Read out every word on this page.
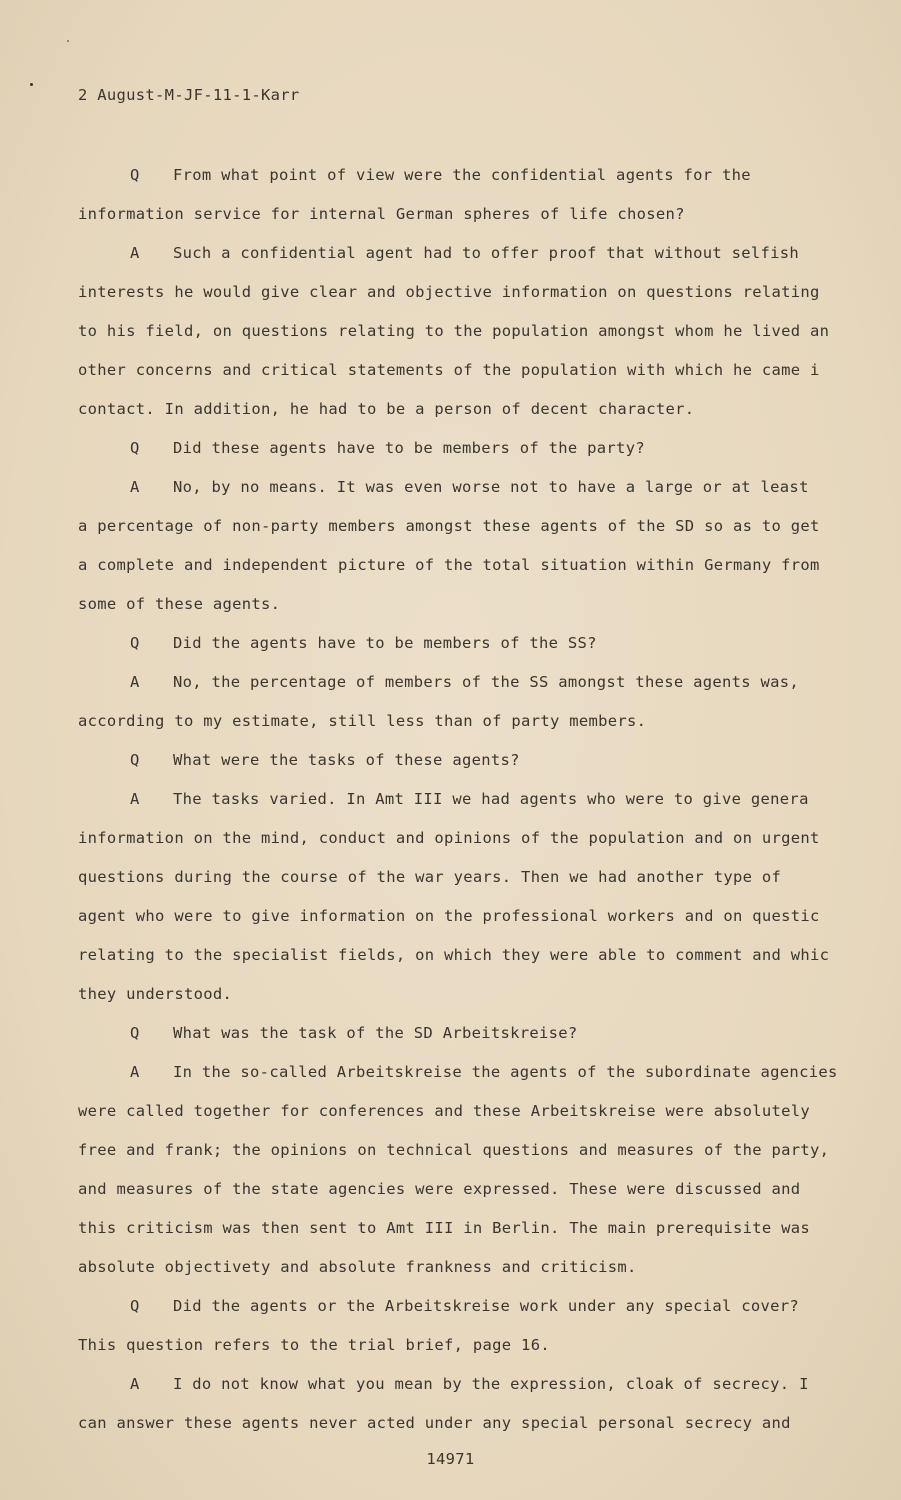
2 August-M-JF-11-1-Karr
Q From what point of view were the confidential agents for the
information service for internal German spheres of life chosen?
A Such a confidential agent had to offer proof that without selfish
interests he would give clear and objective information on questions relating
to his field, on questions relating to the population amongst whom he lived an
other concerns and critical statements of the population with which he came i
contact. In addition, he had to be a person of decent character.
Q Did these agents have to be members of the party?
A No, by no means. It was even worse not to have a large or at least
a percentage of non-party members amongst these agents of the SD so as to get
a complete and independent picture of the total situation within Germany from
some of these agents.
Q Did the agents have to be members of the SS?
A No, the percentage of members of the SS amongst these agents was,
according to my estimate, still less than of party members.
Q What were the tasks of these agents?
A The tasks varied. In Amt III we had agents who were to give genera
information on the mind, conduct and opinions of the population and on urgent
questions during the course of the war years. Then we had another type of
agent who were to give information on the professional workers and on questic
relating to the specialist fields, on which they were able to comment and whic
they understood.
Q What was the task of the SD Arbeitskreise?
A In the so-called Arbeitskreise the agents of the subordinate agencies
were called together for conferences and these Arbeitskreise were absolutely
free and frank; the opinions on technical questions and measures of the party,
and measures of the state agencies were expressed. These were discussed and
this criticism was then sent to Amt III in Berlin. The main prerequisite was
absolute objectivety and absolute frankness and criticism.
Q Did the agents or the Arbeitskreise work under any special cover?
This question refers to the trial brief, page 16.
A I do not know what you mean by the expression, cloak of secrecy. I
can answer these agents never acted under any special personal secrecy and
14971
